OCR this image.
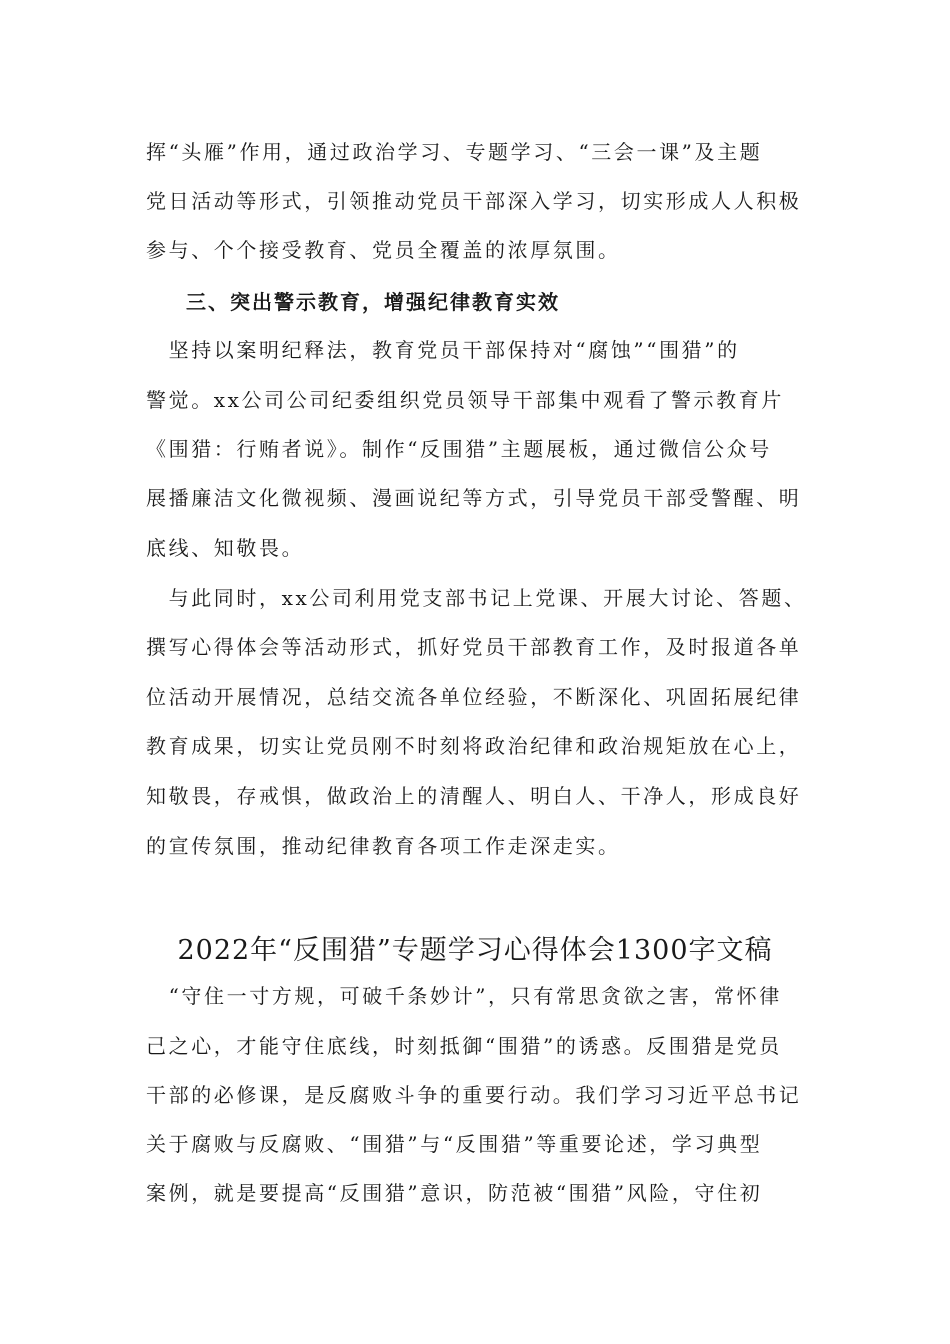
挥“头雁”作用，通过政治学习、专题学习、“三会一课”及主题
党日活动等形式，引领推动党员干部深入学习，切实形成人人积极
参与、个个接受教育、党员全覆盖的浓厚氛围。
三、突出警示教育，增强纪律教育实效
　坚持以案明纪释法，教育党员干部保持对“腐蚀”“围猎”的
警觉。xx公司公司纪委组织党员领导干部集中观看了警示教育片
《围猎：行贿者说》。制作“反围猎”主题展板，通过微信公众号
展播廉洁文化微视频、漫画说纪等方式，引导党员干部受警醒、明
底线、知敬畏。
　与此同时，xx公司利用党支部书记上党课、开展大讨论、答题、
撰写心得体会等活动形式，抓好党员干部教育工作，及时报道各单
位活动开展情况，总结交流各单位经验，不断深化、巩固拓展纪律
教育成果，切实让党员刚不时刻将政治纪律和政治规矩放在心上，
知敬畏，存戒惧，做政治上的清醒人、明白人、干净人，形成良好
的宣传氛围，推动纪律教育各项工作走深走实。
2022年“反围猎”专题学习心得体会1300字文稿
　“守住一寸方规，可破千条妙计”，只有常思贪欲之害，常怀律
己之心，才能守住底线，时刻抵御“围猎”的诱惑。反围猎是党员
干部的必修课，是反腐败斗争的重要行动。我们学习习近平总书记
关于腐败与反腐败、“围猎”与“反围猎”等重要论述，学习典型
案例，就是要提高“反围猎”意识，防范被“围猎”风险，守住初
